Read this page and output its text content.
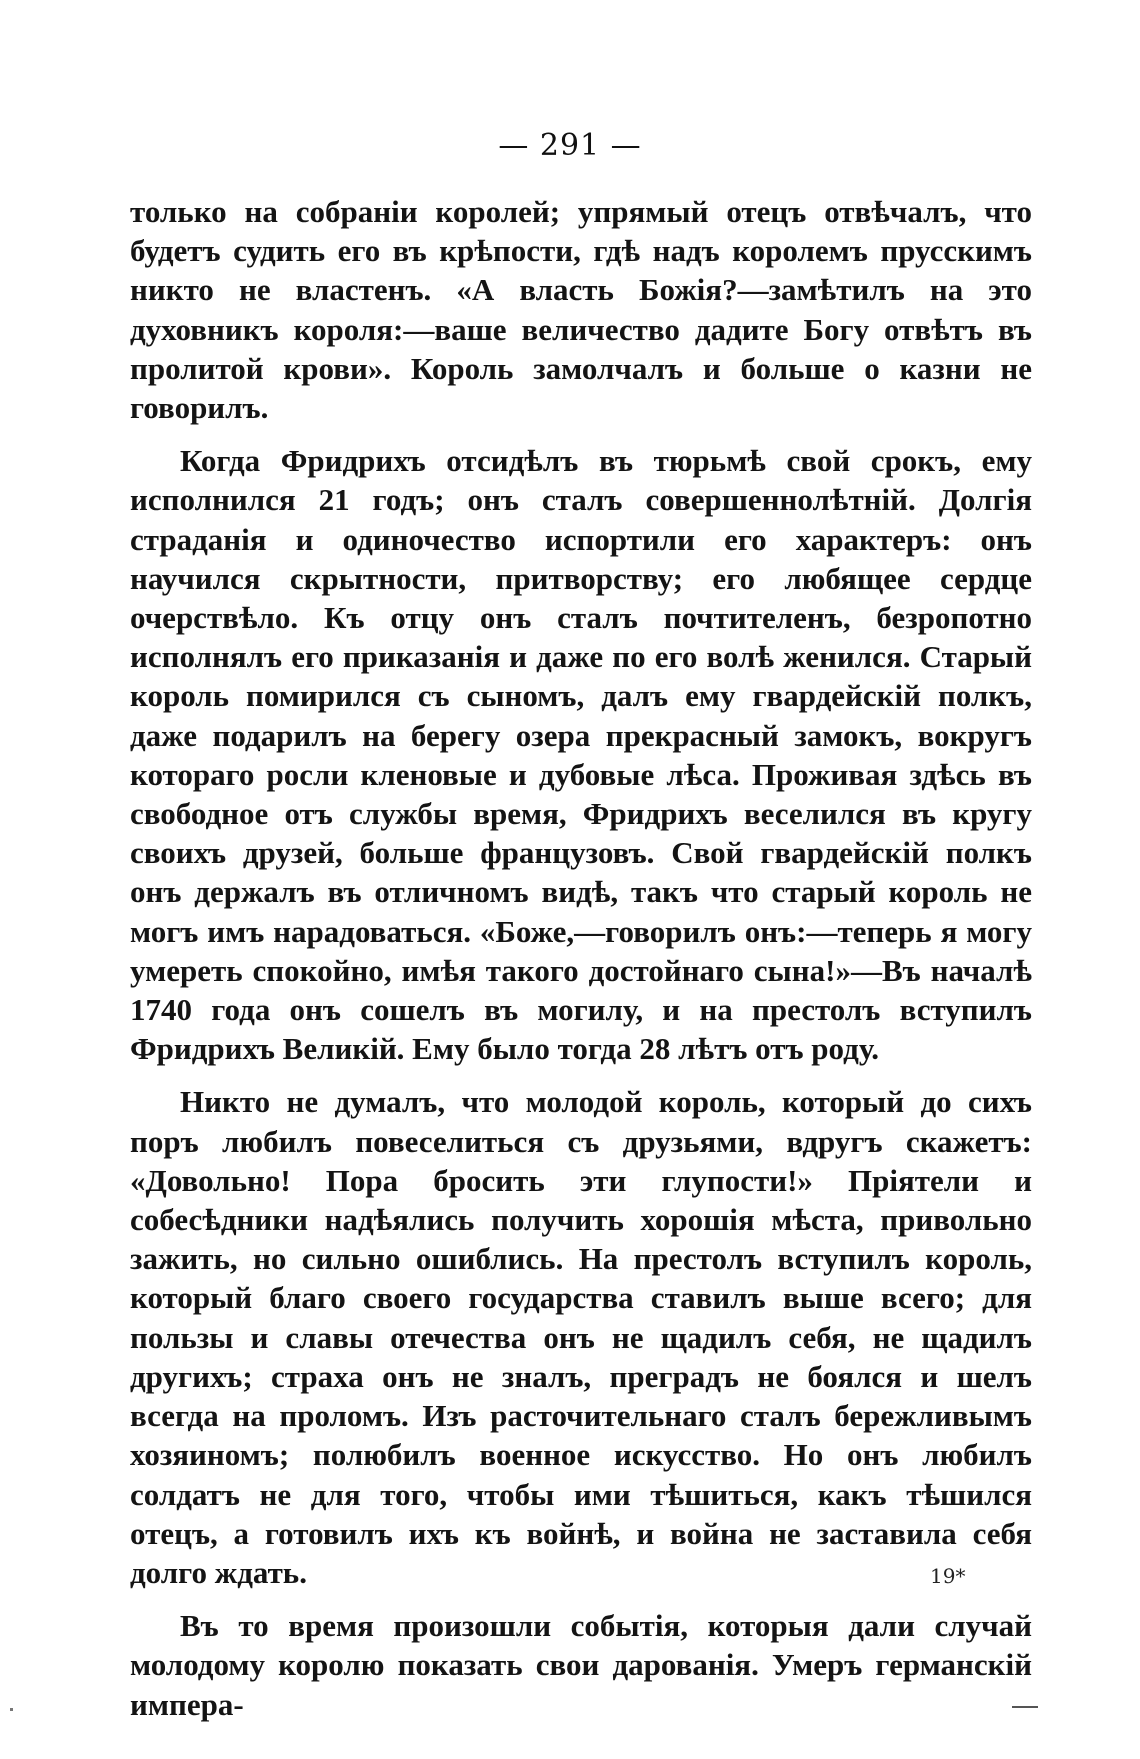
— 291 —

только на собраніи королей; упрямый отецъ отвѣчалъ, что будетъ судить его въ крѣпости, гдѣ надъ королемъ прусскимъ никто не властенъ. «А власть Божія?—замѣтилъ на это духовникъ короля:—ваше величество дадите Богу отвѣтъ въ пролитой крови». Король замолчалъ и больше о казни не говорилъ.

Когда Фридрихъ отсидѣлъ въ тюрьмѣ свой срокъ, ему исполнился 21 годъ; онъ сталъ совершеннолѣтній. Долгія страданія и одиночество испортили его характеръ: онъ научился скрытности, притворству; его любящее сердце очерствѣло. Къ отцу онъ сталъ почтителенъ, безропотно исполнялъ его приказанія и даже по его волѣ женился. Старый король помирился съ сыномъ, далъ ему гвардейскій полкъ, даже подарилъ на берегу озера прекрасный замокъ, вокругъ котораго росли кленовые и дубовые лѣса. Проживая здѣсь въ свободное отъ службы время, Фридрихъ веселился въ кругу своихъ друзей, больше французовъ. Свой гвардейскій полкъ онъ держалъ въ отличномъ видѣ, такъ что старый король не могъ имъ нарадоваться. «Боже,—говорилъ онъ:—теперь я могу умереть спокойно, имѣя такого достойнаго сына!»—Въ началѣ 1740 года онъ сошелъ въ могилу, и на престолъ вступилъ Фридрихъ Великій. Ему было тогда 28 лѣтъ отъ роду.

Никто не думалъ, что молодой король, который до сихъ поръ любилъ повеселиться съ друзьями, вдругъ скажетъ: «Довольно! Пора бросить эти глупости!» Пріятели и собесѣдники надѣялись получить хорошія мѣста, привольно зажить, но сильно ошиблись. На престолъ вступилъ король, который благо своего государства ставилъ выше всего; для пользы и славы отечества онъ не щадилъ себя, не щадилъ другихъ; страха онъ не зналъ, преградъ не боялся и шелъ всегда на проломъ. Изъ расточительнаго сталъ бережливымъ хозяиномъ; полюбилъ военное искусство. Но онъ любилъ солдатъ не для того, чтобы ими тѣшиться, какъ тѣшился отецъ, а готовилъ ихъ къ войнѣ, и война не заставила себя долго ждать.

Въ то время произошли событія, которыя дали случай молодому королю показать свои дарованія. Умеръ германскій импера-

19*
